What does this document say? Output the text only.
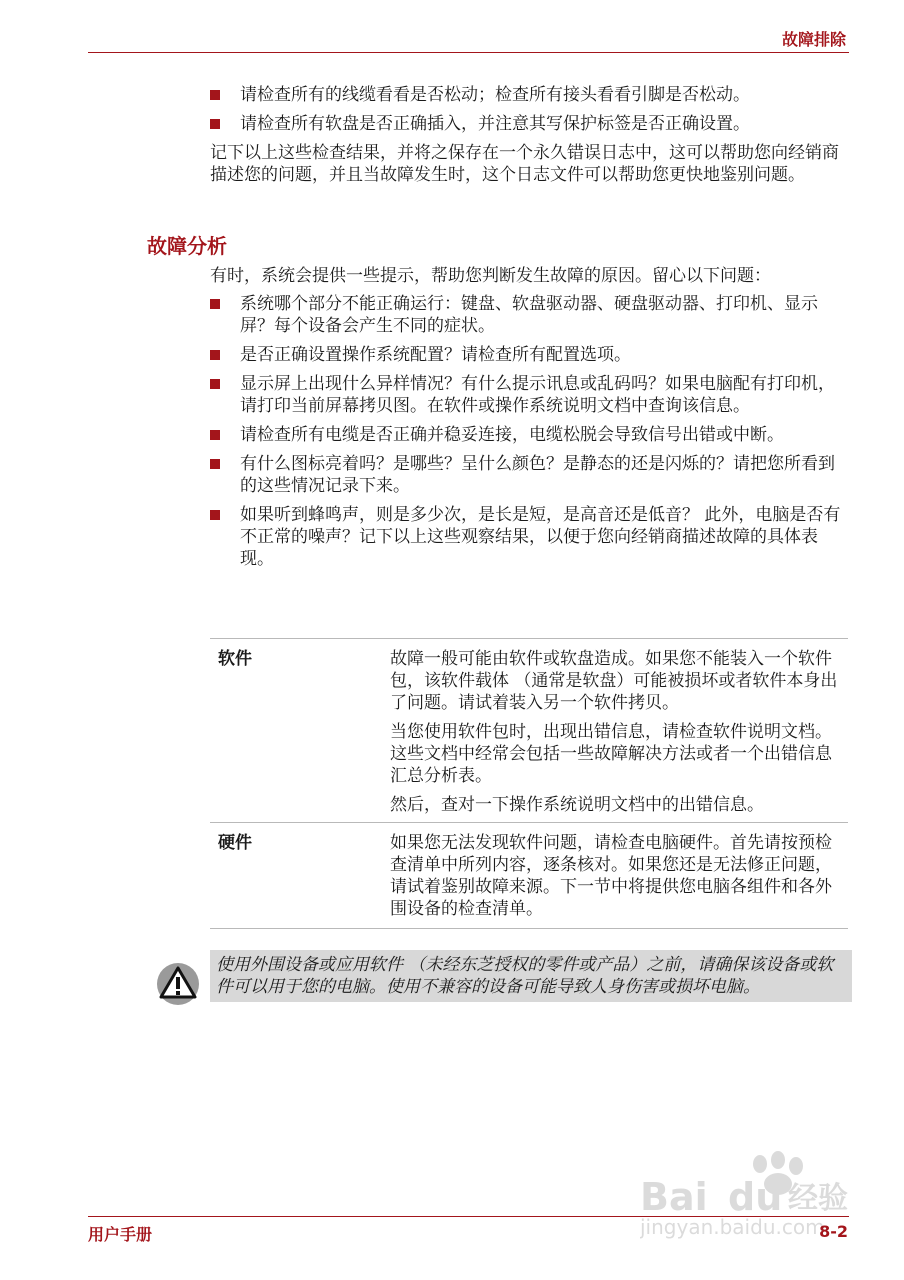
故障排除
请检查所有的线缆看看是否松动；检查所有接头看看引脚是否松动。
请检查所有软盘是否正确插入，并注意其写保护标签是否正确设置。

记下以上这些检查结果，并将之保存在一个永久错误日志中，这可以帮助您向经销商描述您的问题，并且当故障发生时，这个日志文件可以帮助您更快地鉴别问题。

故障分析

有时，系统会提供一些提示，帮助您判断发生故障的原因。留心以下问题：

系统哪个部分不能正确运行：键盘、软盘驱动器、硬盘驱动器、打印机、显示屏？每个设备会产生不同的症状。
是否正确设置操作系统配置？请检查所有配置选项。
显示屏上出现什么异样情况？有什么提示讯息或乱码吗？如果电脑配有打印机，请打印当前屏幕拷贝图。在软件或操作系统说明文档中查询该信息。
请检查所有电缆是否正确并稳妥连接，电缆松脱会导致信号出错或中断。
有什么图标亮着吗？是哪些？呈什么颜色？是静态的还是闪烁的？请把您所看到的这些情况记录下来。
如果听到蜂鸣声，则是多少次，是长是短，是高音还是低音？ 此外，电脑是否有不正常的噪声？记下以上这些观察结果，以便于您向经销商描述故障的具体表现。
软件	故障一般可能由软件或软盘造成。如果您不能装入一个软件包，该软件载体 （通常是软盘）可能被损坏或者软件本身出了问题。请试着装入另一个软件拷贝。

当您使用软件包时，出现出错信息，请检查软件说明文档。这些文档中经常会包括一些故障解决方法或者一个出错信息汇总分析表。

然后，查对一下操作系统说明文档中的出错信息。

硬件	如果您无法发现软件问题，请检查电脑硬件。首先请按预检查清单中所列内容，逐条核对。如果您还是无法修正问题，请试着鉴别故障来源。下一节中将提供您电脑各组件和各外围设备的检查清单。

使用外围设备或应用软件 （未经东芝授权的零件或产品）之前，请确保该设备或软件可以用于您的电脑。使用不兼容的设备可能导致人身伤害或损坏电脑。
Bai du 经验
jingyan.baidu.com
用户手册	8-2
